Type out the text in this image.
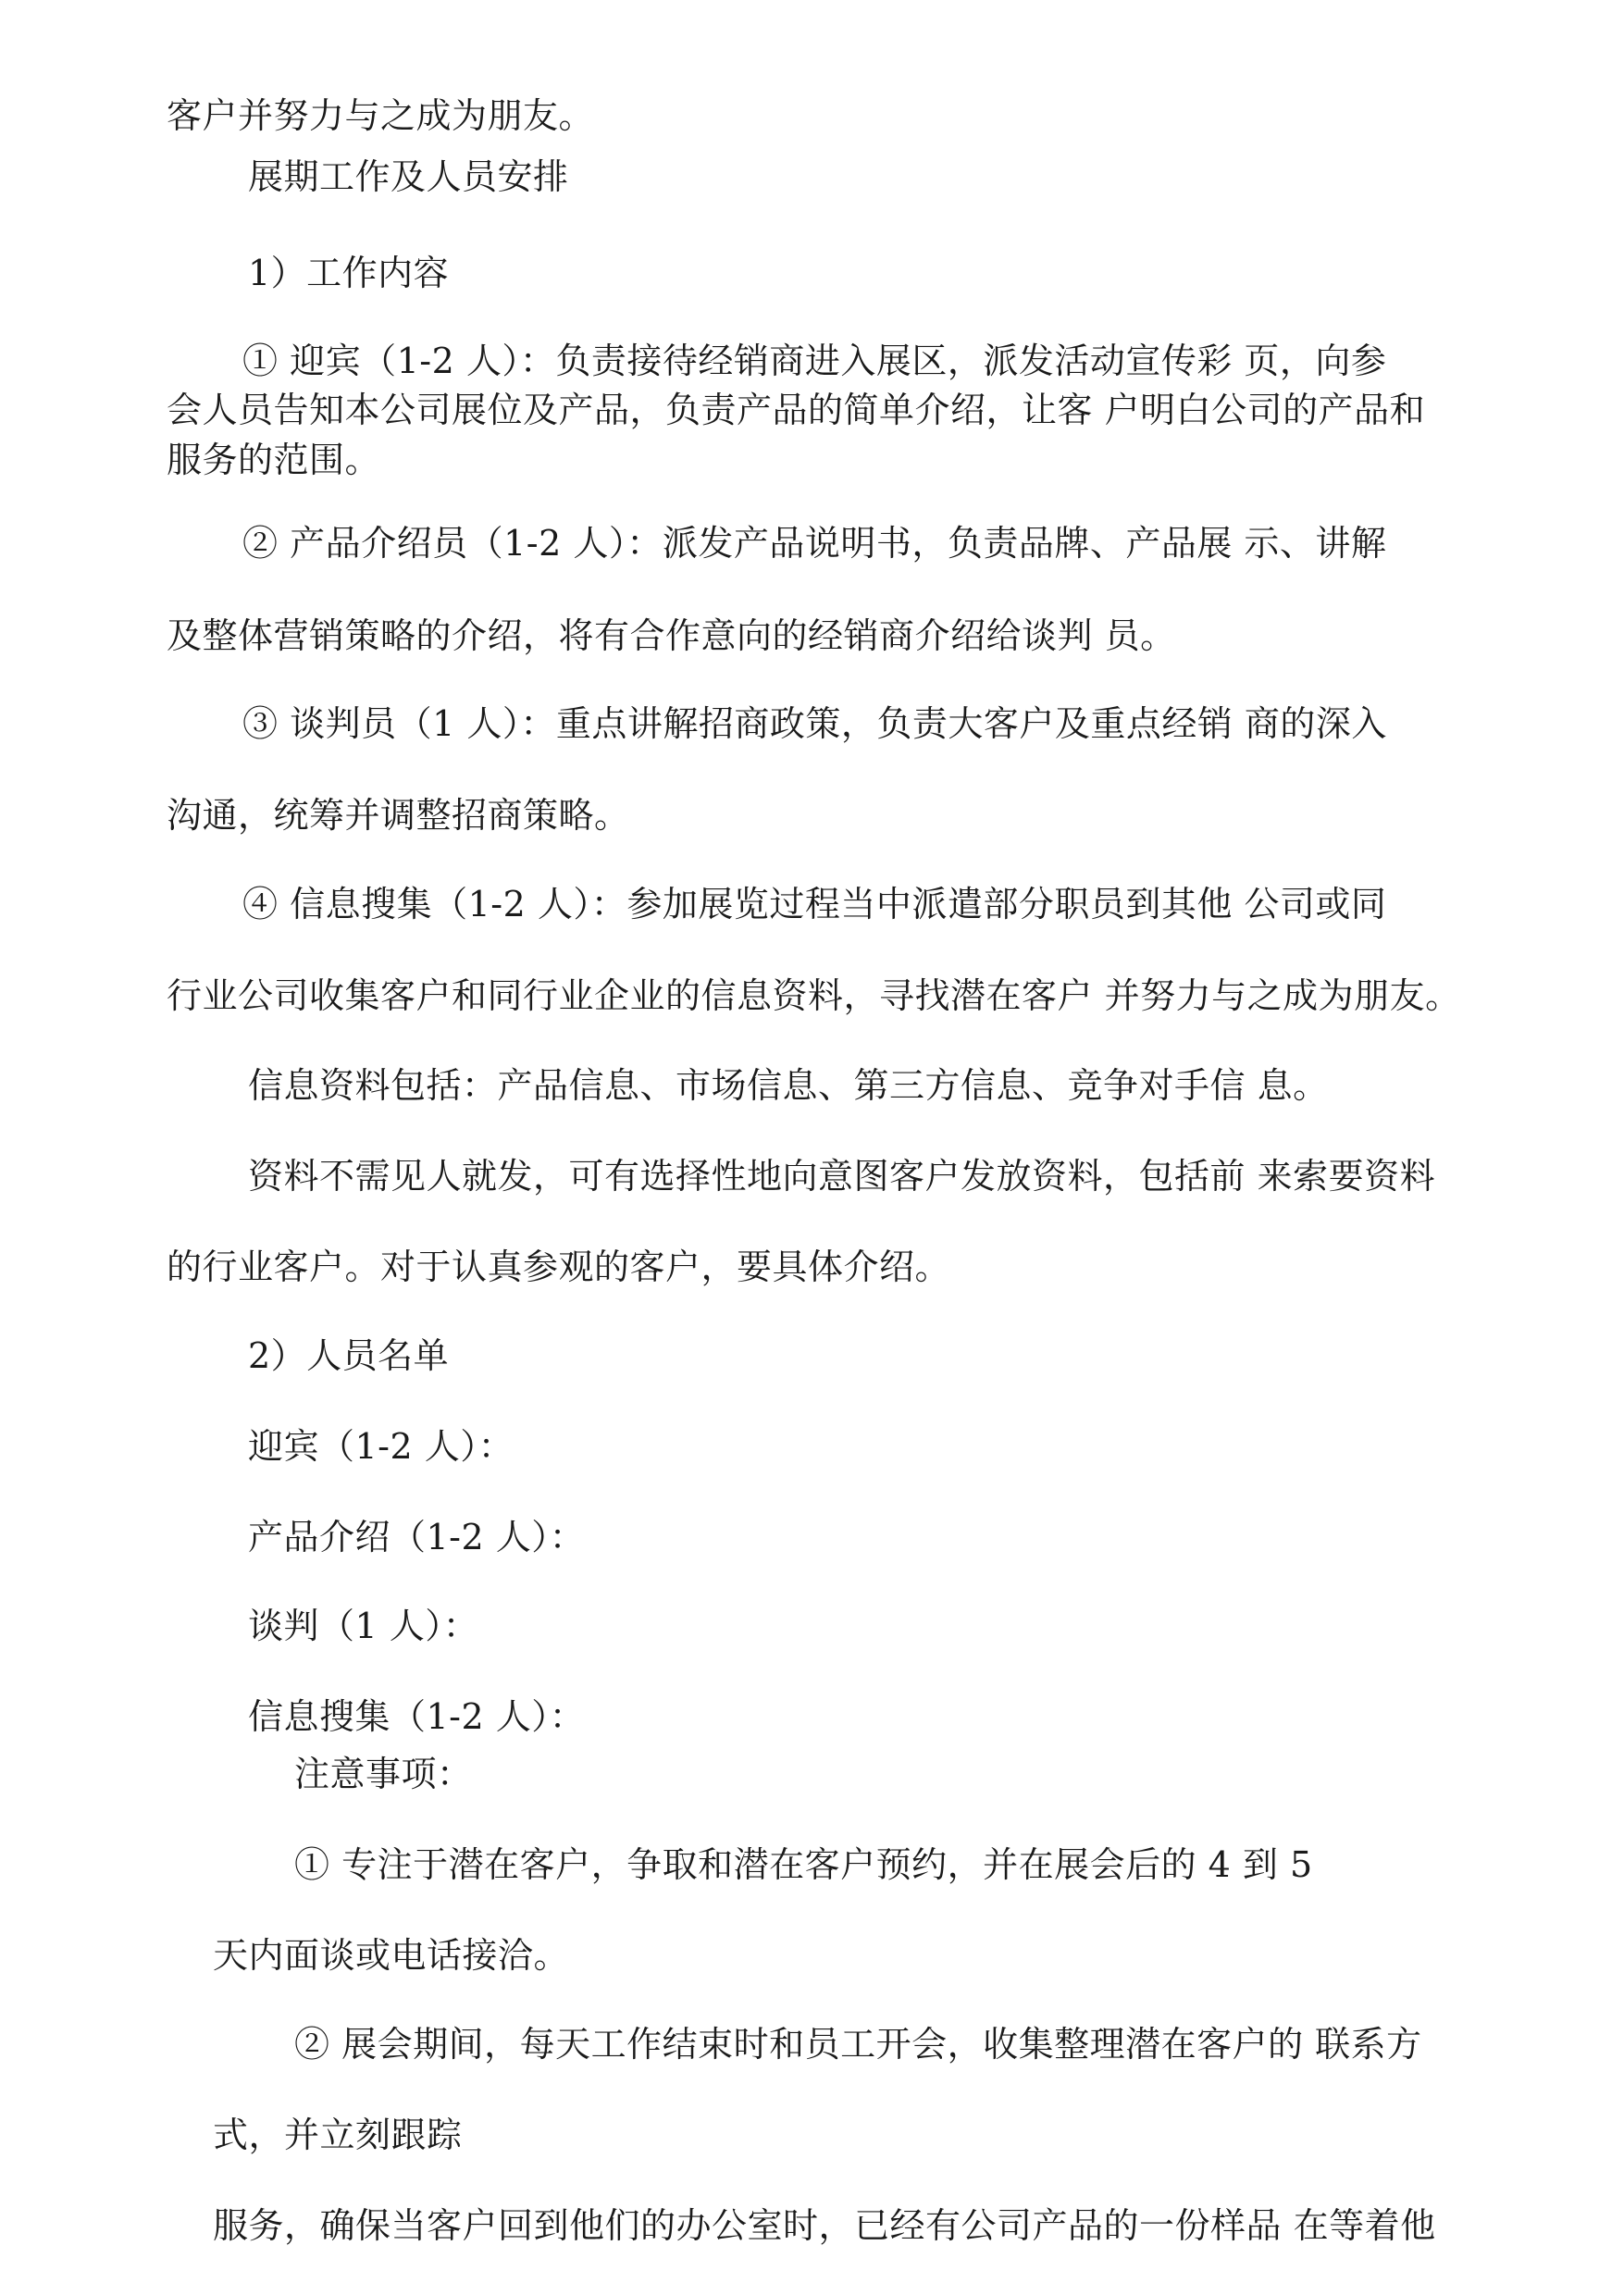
客户并努力与之成为朋友。
展期工作及人员安排
1）工作内容
① 迎宾（1-2 人）：负责接待经销商进入展区，派发活动宣传彩 页，向参
会人员告知本公司展位及产品，负责产品的简单介绍，让客 户明白公司的产品和
服务的范围。
② 产品介绍员（1-2 人）：派发产品说明书，负责品牌、产品展 示、讲解
及整体营销策略的介绍，将有合作意向的经销商介绍给谈判 员。
③ 谈判员（1 人）：重点讲解招商政策，负责大客户及重点经销 商的深入
沟通，统筹并调整招商策略。
④ 信息搜集（1-2 人）：参加展览过程当中派遣部分职员到其他 公司或同
行业公司收集客户和同行业企业的信息资料，寻找潜在客户 并努力与之成为朋友。
信息资料包括：产品信息、市场信息、第三方信息、竞争对手信 息。
资料不需见人就发，可有选择性地向意图客户发放资料，包括前 来索要资料
的行业客户。对于认真参观的客户，要具体介绍。
2）人员名单
迎宾（1-2 人）：
产品介绍（1-2 人）：
谈判（1 人）：
信息搜集（1-2 人）：
注意事项：
① 专注于潜在客户，争取和潜在客户预约，并在展会后的 4 到 5
天内面谈或电话接洽。
② 展会期间，每天工作结束时和员工开会，收集整理潜在客户的 联系方
式，并立刻跟踪
服务，确保当客户回到他们的办公室时，已经有公司产品的一份样品 在等着他
